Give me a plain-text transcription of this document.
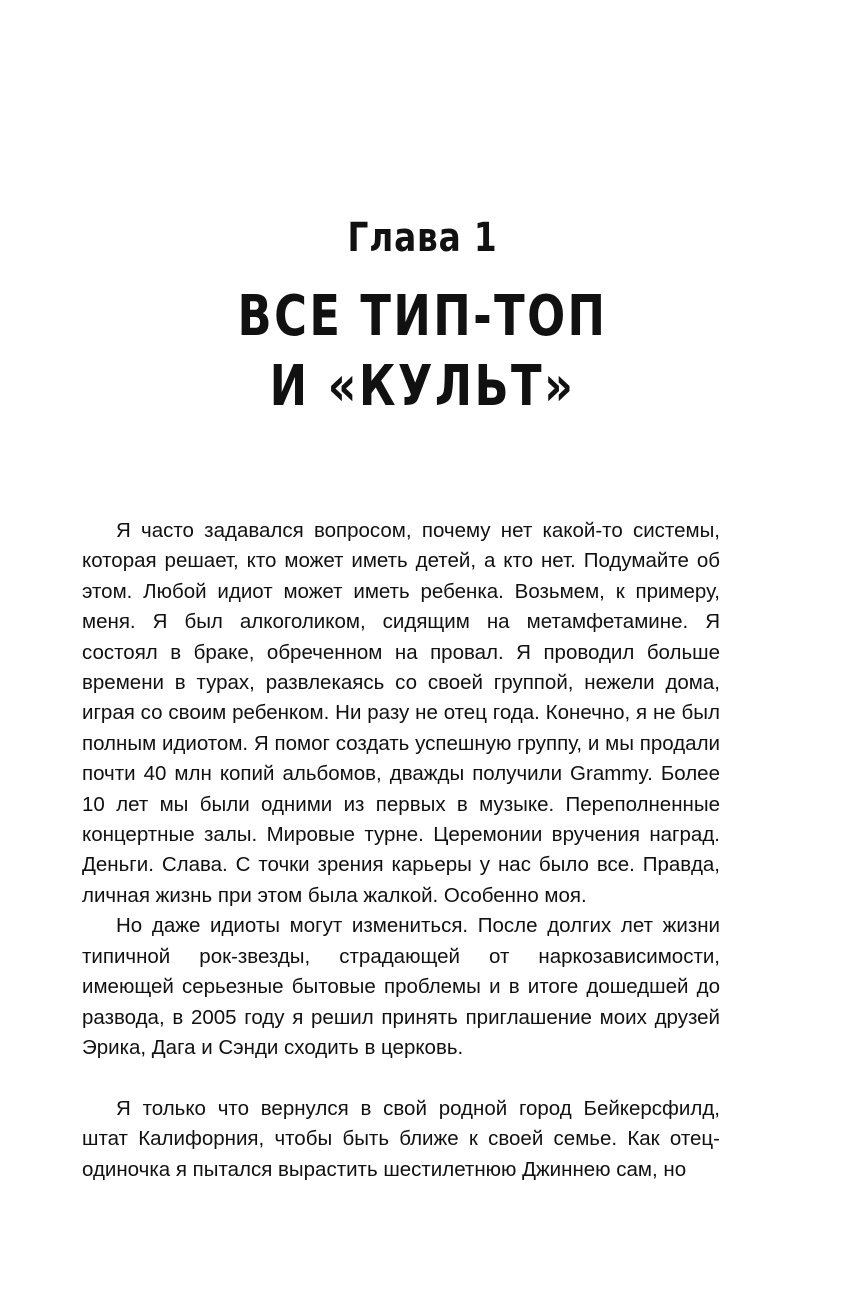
Глава 1
ВСЕ ТИП-ТОП
И «КУЛЬТ»

Я часто задавался вопросом, почему нет какой-то системы, которая решает, кто может иметь детей, а кто нет. Подумайте об этом. Любой идиот может иметь ребенка. Возьмем, к примеру, меня. Я был алкоголиком, сидящим на метамфетамине. Я состоял в браке, обреченном на провал. Я проводил больше времени в турах, развлекаясь со своей группой, нежели дома, играя со своим ребенком. Ни разу не отец года. Конечно, я не был полным идиотом. Я помог создать успешную группу, и мы продали почти 40 млн копий альбомов, дважды получили Grammy. Более 10 лет мы были одними из первых в музыке. Переполненные концертные залы. Мировые турне. Церемонии вручения наград. Деньги. Слава. С точки зрения карьеры у нас было все. Правда, личная жизнь при этом была жалкой. Особенно моя.

Но даже идиоты могут измениться. После долгих лет жизни типичной рок-звезды, страдающей от наркозависимости, имеющей серьезные бытовые проблемы и в итоге дошедшей до развода, в 2005 году я решил принять приглашение моих друзей Эрика, Дага и Сэнди сходить в церковь.

Я только что вернулся в свой родной город Бейкерсфилд, штат Калифорния, чтобы быть ближе к своей семье. Как отец-одиночка я пытался вырастить шестилетнюю Джиннею сам, но
